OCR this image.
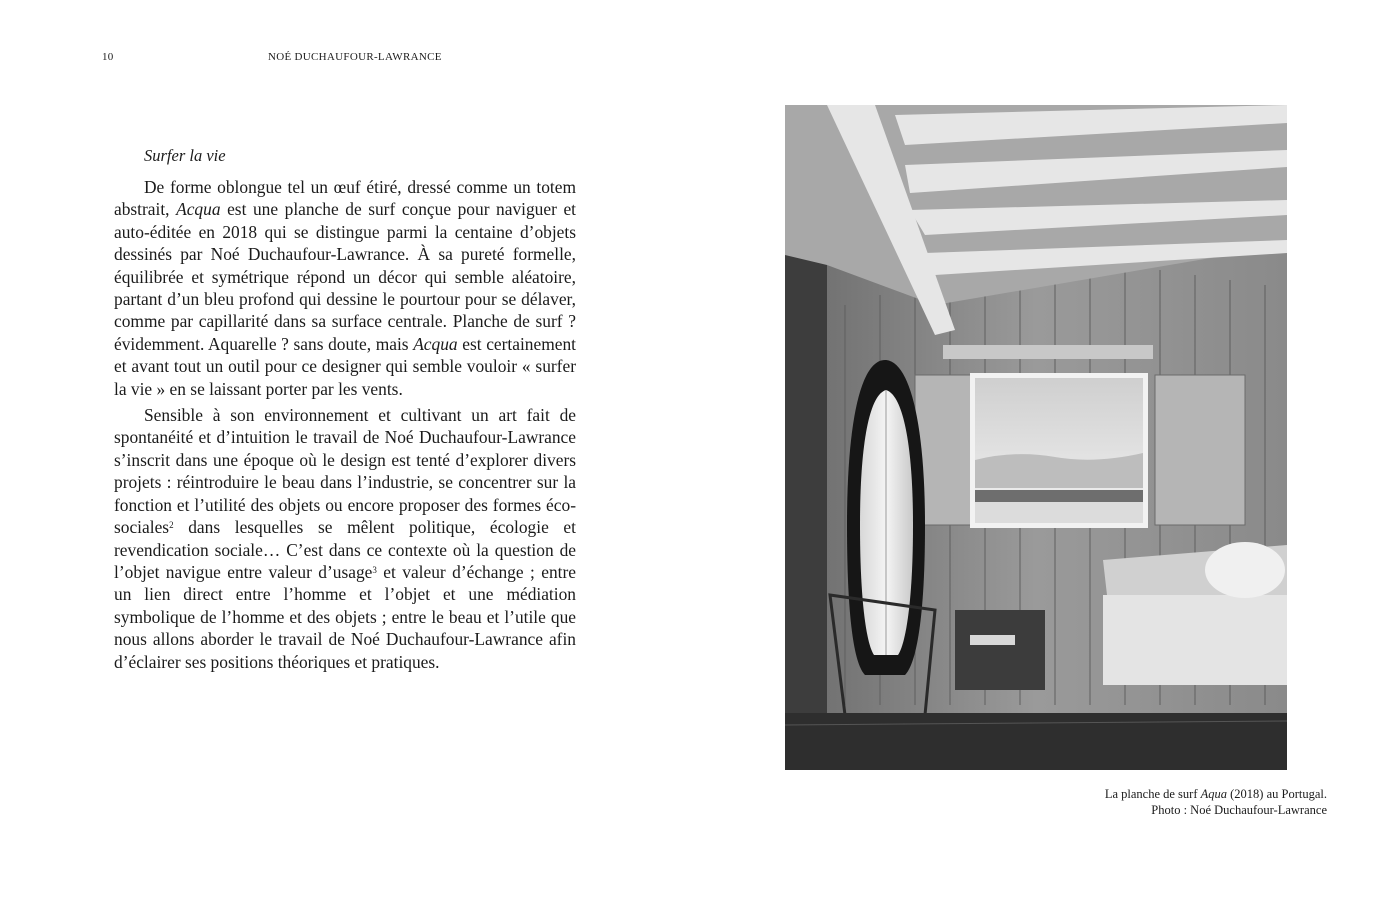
10	NOÉ DUCHAUFOUR-LAWRANCE
Surfer la vie

De forme oblongue tel un œuf étiré, dressé comme un totem abstrait, Acqua est une planche de surf conçue pour naviguer et auto-éditée en 2018 qui se distingue parmi la centaine d’objets dessinés par Noé Duchaufour-Lawrance. À sa pureté formelle, équilibrée et symétrique répond un décor qui semble aléatoire, partant d’un bleu profond qui dessine le pourtour pour se délaver, comme par capillarité dans sa surface centrale. Planche de surf ? évidemment. Aquarelle ? sans doute, mais Acqua est certainement et avant tout un outil pour ce designer qui semble vouloir « surfer la vie » en se laissant porter par les vents.

Sensible à son environnement et cultivant un art fait de spontanéité et d’intuition le travail de Noé Duchaufour-Lawrance s’inscrit dans une époque où le design est tenté d’explorer divers projets : réintroduire le beau dans l’industrie, se concentrer sur la fonction et l’utilité des objets ou encore proposer des formes éco-sociales$^2$ dans lesquelles se mêlent politique, écologie et revendication sociale… C’est dans ce contexte où la question de l’objet navigue entre valeur d’usage$^3$ et valeur d’échange ; entre un lien direct entre l’homme et l’objet et une médiation symbolique de l’homme et des objets ; entre le beau et l’utile que nous allons aborder le travail de Noé Duchaufour-Lawrance afin d’éclairer ses positions théoriques et pratiques.

La planche de surf Aqua (2018) au Portugal.
Photo : Noé Duchaufour-Lawrance
